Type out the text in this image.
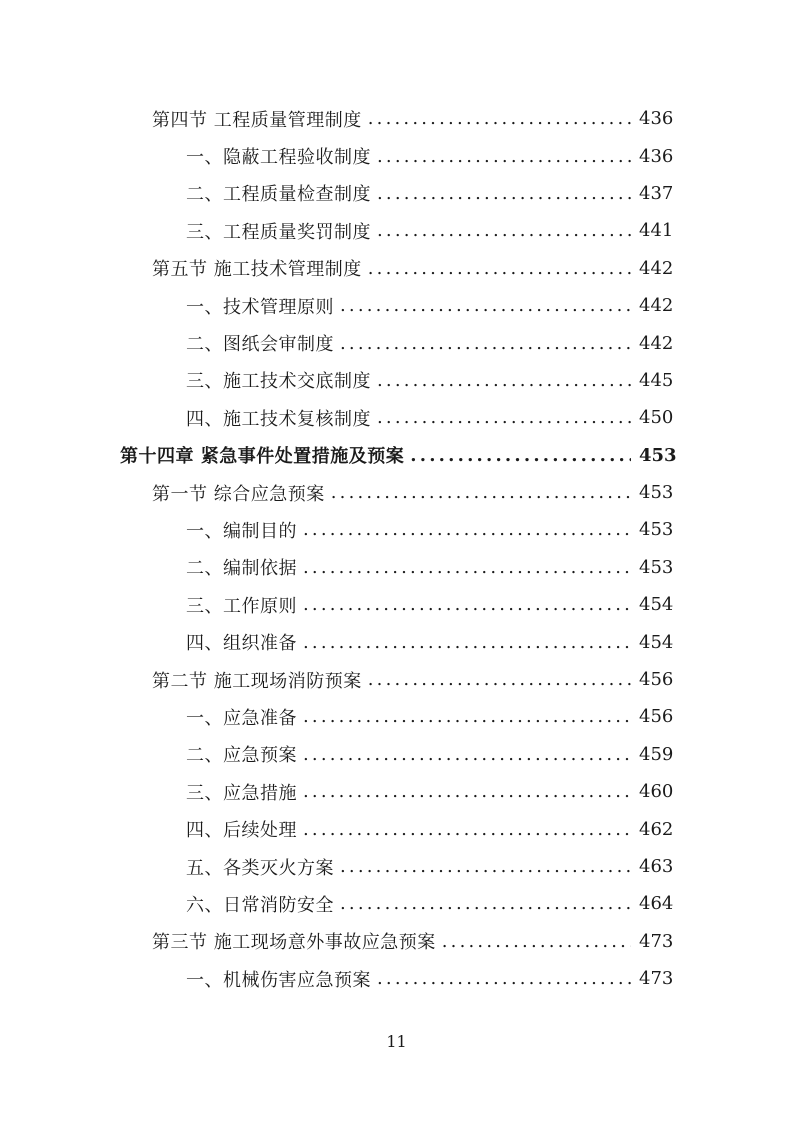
第四节 工程质量管理制度 .....	436
一、隐蔽工程验收制度 .....	436
二、工程质量检查制度 .....	437
三、工程质量奖罚制度 .....	441
第五节 施工技术管理制度 .....	442
一、技术管理原则 .....	442
二、图纸会审制度 .....	442
三、施工技术交底制度 .....	445
四、施工技术复核制度 .....	450
第十四章 紧急事件处置措施及预案 .....	453
第一节 综合应急预案 .....	453
一、编制目的 .....	453
二、编制依据 .....	453
三、工作原则 .....	454
四、组织准备 .....	454
第二节 施工现场消防预案 .....	456
一、应急准备 .....	456
二、应急预案 .....	459
三、应急措施 .....	460
四、后续处理 .....	462
五、各类灭火方案 .....	463
六、日常消防安全 .....	464
第三节 施工现场意外事故应急预案 .....	473
一、机械伤害应急预案 .....	473
11
